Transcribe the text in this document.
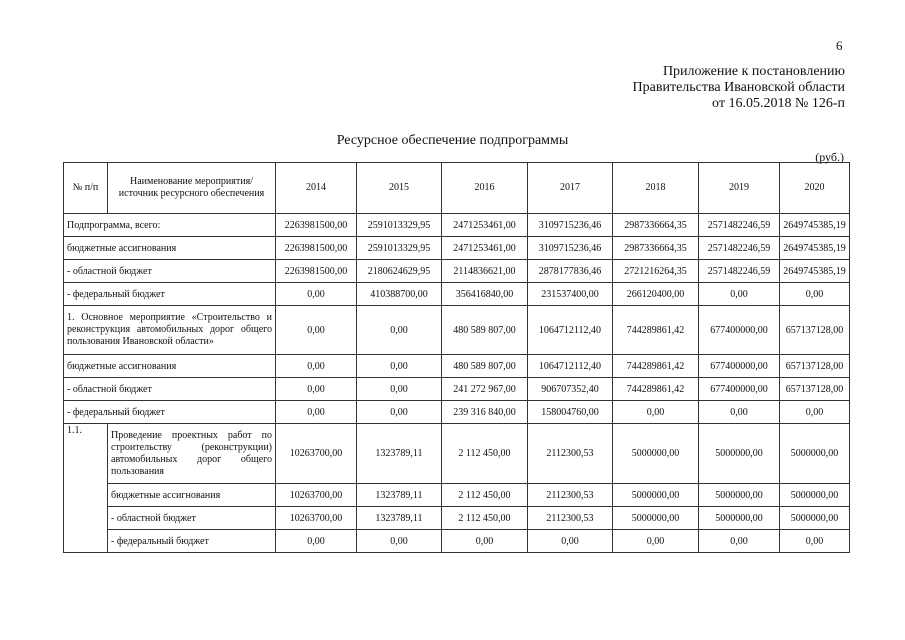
6
Приложение к постановлению
Правительства Ивановской области
от 16.05.2018 № 126-п
Ресурсное обеспечение подпрограммы
(руб.)
№ п/п	Наименование мероприятия/источник ресурсного обеспечения	2014	2015	2016	2017	2018	2019	2020
Подпрограмма, всего:		2263981500,00	2591013329,95	2471253461,00	3109715236,46	2987336664,35	2571482246,59	2649745385,19
бюджетные ассигнования		2263981500,00	2591013329,95	2471253461,00	3109715236,46	2987336664,35	2571482246,59	2649745385,19
- областной бюджет		2263981500,00	2180624629,95	2114836621,00	2878177836,46	2721216264,35	2571482246,59	2649745385,19
- федеральный бюджет		0,00	410388700,00	356416840,00	231537400,00	266120400,00	0,00	0,00
1. Основное мероприятие «Строительство и реконструкция автомобильных дорог общего пользования Ивановской области»		0,00	0,00	480 589 807,00	1064712112,40	744289861,42	677400000,00	657137128,00
бюджетные ассигнования		0,00	0,00	480 589 807,00	1064712112,40	744289861,42	677400000,00	657137128,00
- областной бюджет		0,00	0,00	241 272 967,00	906707352,40	744289861,42	677400000,00	657137128,00
- федеральный бюджет		0,00	0,00	239 316 840,00	158004760,00	0,00	0,00	0,00
1.1.	Проведение проектных работ по строительству (реконструкции) автомобильных дорог общего пользования	10263700,00	1323789,11	2 112 450,00	2112300,53	5000000,00	5000000,00	5000000,00
	бюджетные ассигнования	10263700,00	1323789,11	2 112 450,00	2112300,53	5000000,00	5000000,00	5000000,00
	- областной бюджет	10263700,00	1323789,11	2 112 450,00	2112300,53	5000000,00	5000000,00	5000000,00
	- федеральный бюджет	0,00	0,00	0,00	0,00	0,00	0,00	0,00
